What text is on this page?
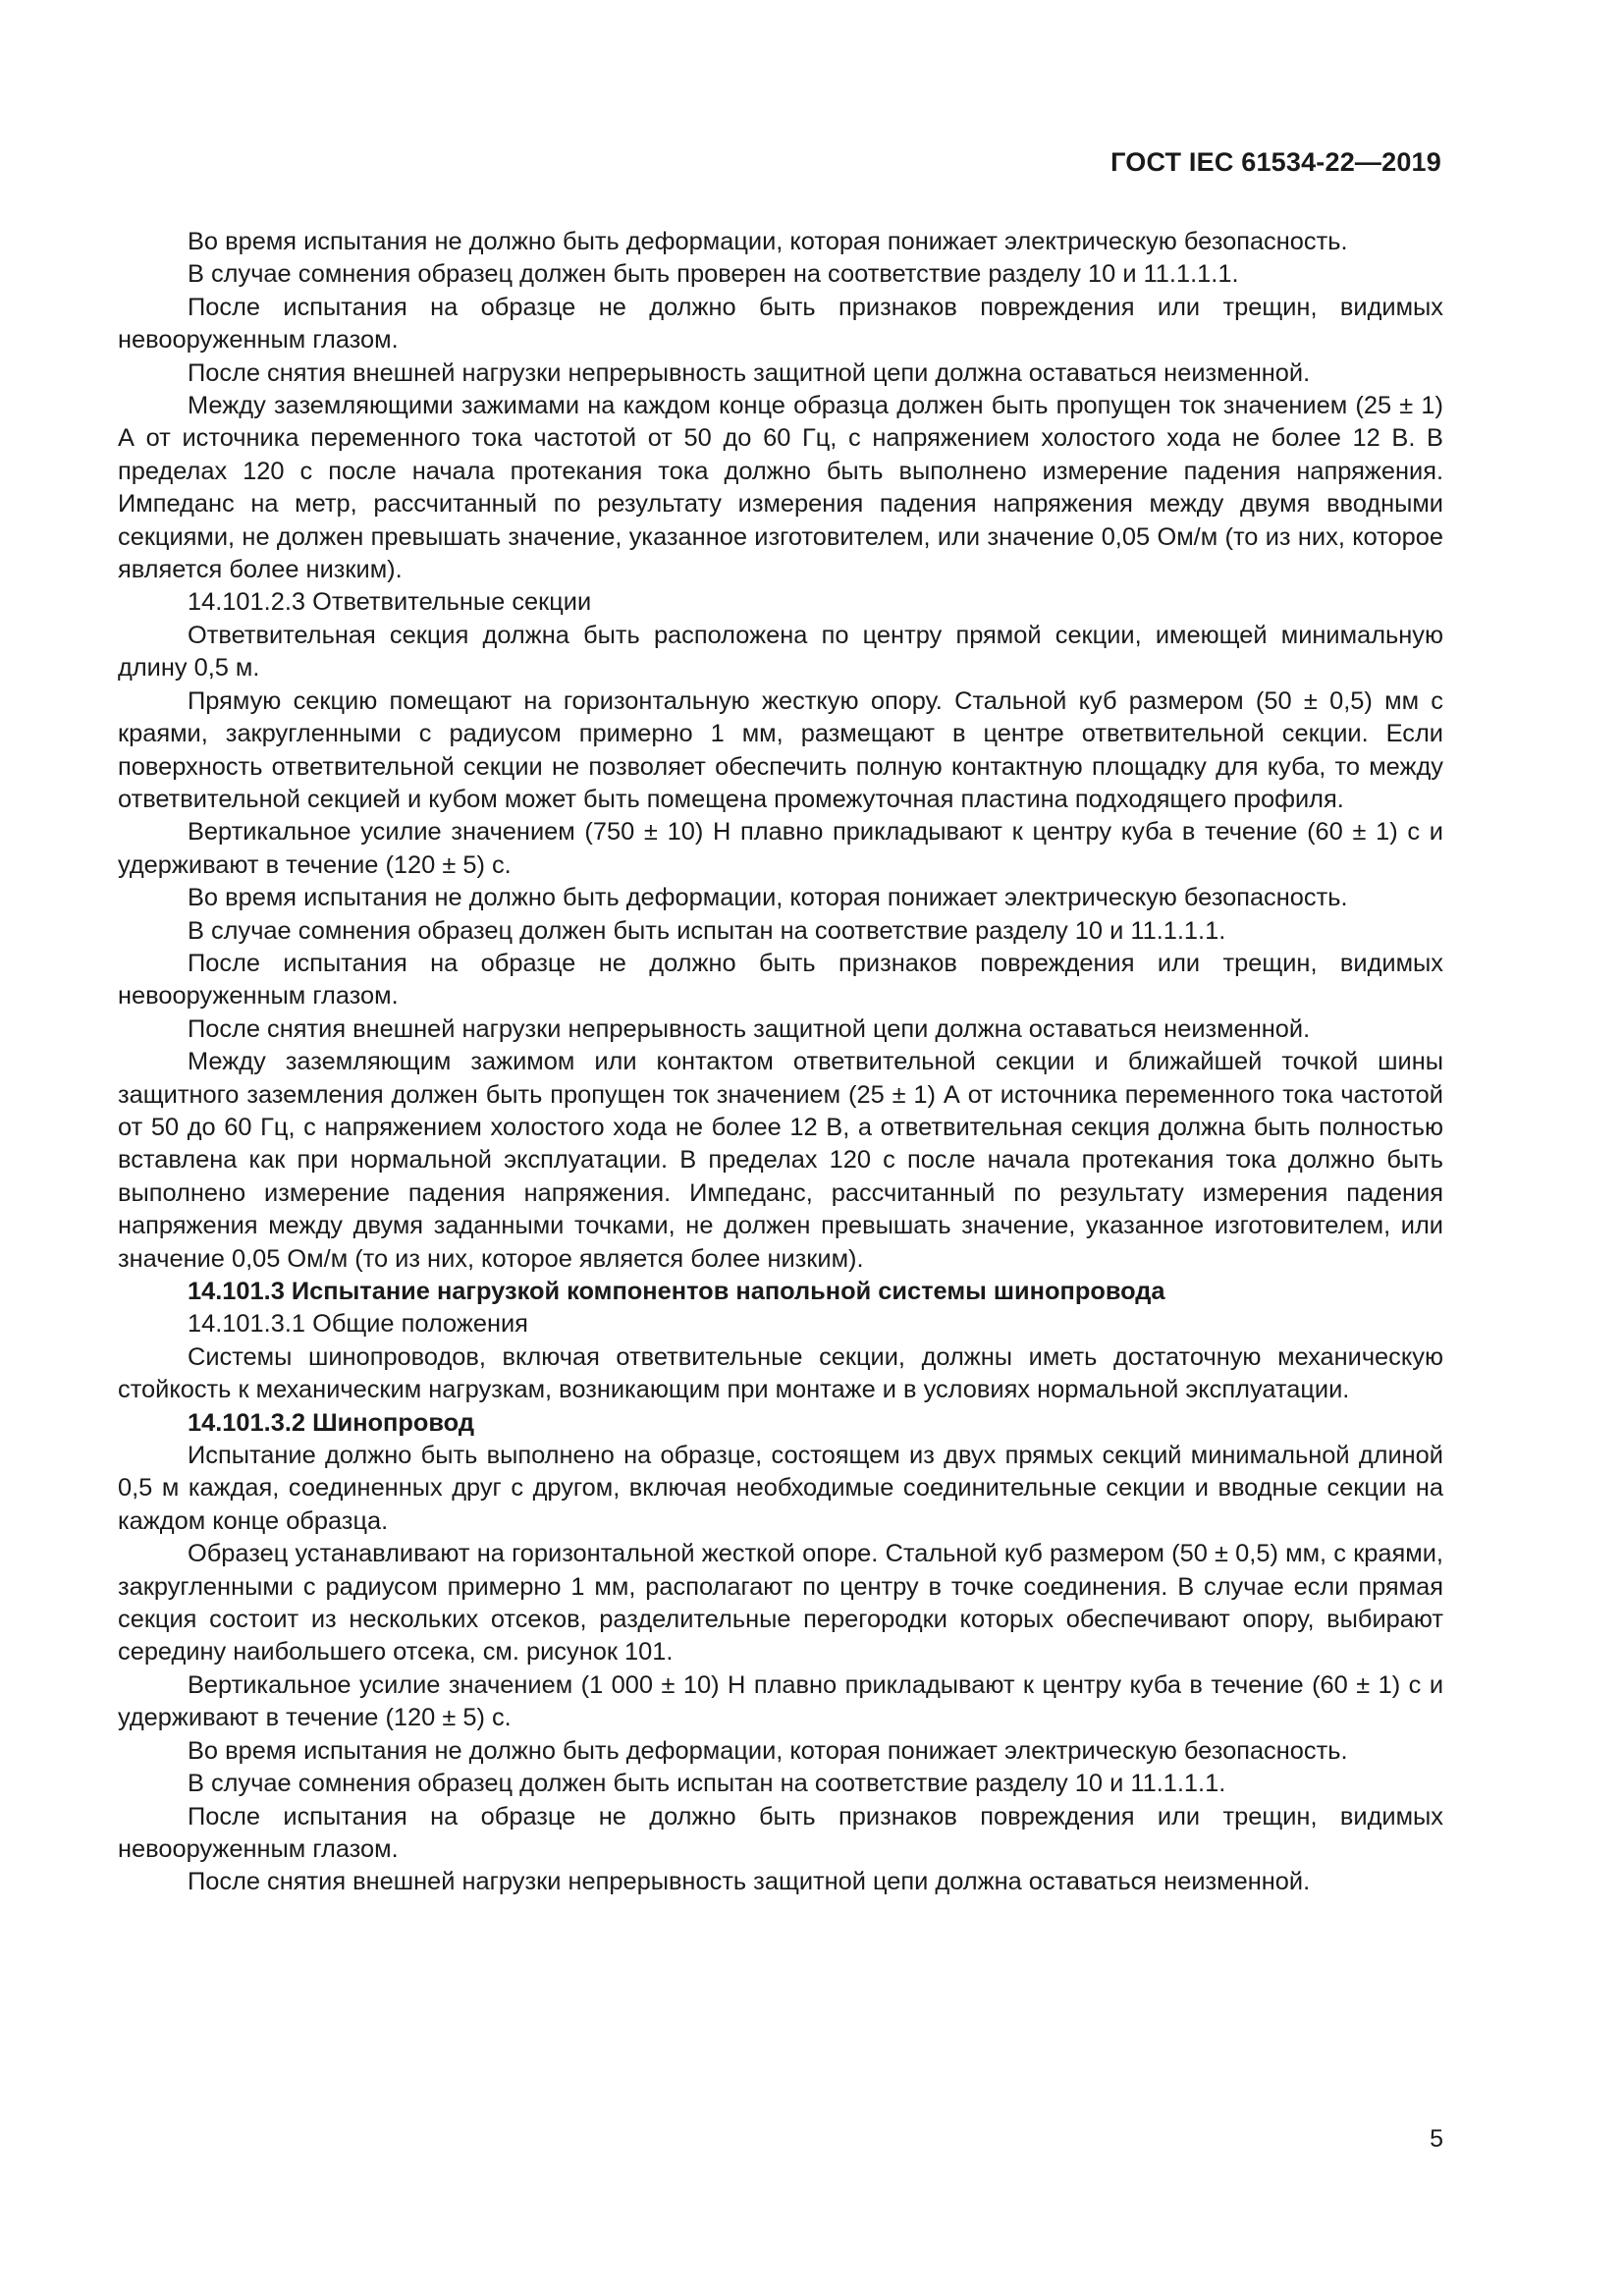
ГОСТ IEC 61534-22—2019

Во время испытания не должно быть деформации, которая понижает электрическую безопасность.

В случае сомнения образец должен быть проверен на соответствие разделу 10 и 11.1.1.1.

После испытания на образце не должно быть признаков повреждения или трещин, видимых невооруженным глазом.

После снятия внешней нагрузки непрерывность защитной цепи должна оставаться неизменной.

Между заземляющими зажимами на каждом конце образца должен быть пропущен ток значением (25 ± 1) А от источника переменного тока частотой от 50 до 60 Гц, с напряжением холостого хода не более 12 В. В пределах 120 с после начала протекания тока должно быть выполнено измерение падения напряжения. Импеданс на метр, рассчитанный по результату измерения падения напряжения между двумя вводными секциями, не должен превышать значение, указанное изготовителем, или значение 0,05 Ом/м (то из них, которое является более низким).

14.101.2.3 Ответвительные секции

Ответвительная секция должна быть расположена по центру прямой секции, имеющей минимальную длину 0,5 м.

Прямую секцию помещают на горизонтальную жесткую опору. Стальной куб размером (50 ± 0,5) мм с краями, закругленными с радиусом примерно 1 мм, размещают в центре ответвительной секции. Если поверхность ответвительной секции не позволяет обеспечить полную контактную площадку для куба, то между ответвительной секцией и кубом может быть помещена промежуточная пластина подходящего профиля.

Вертикальное усилие значением (750 ± 10) Н плавно прикладывают к центру куба в течение (60 ± 1) с и удерживают в течение (120 ± 5) с.

Во время испытания не должно быть деформации, которая понижает электрическую безопасность.

В случае сомнения образец должен быть испытан на соответствие разделу 10 и 11.1.1.1.

После испытания на образце не должно быть признаков повреждения или трещин, видимых невооруженным глазом.

После снятия внешней нагрузки непрерывность защитной цепи должна оставаться неизменной.

Между заземляющим зажимом или контактом ответвительной секции и ближайшей точкой шины защитного заземления должен быть пропущен ток значением (25 ± 1) А от источника переменного тока частотой от 50 до 60 Гц, с напряжением холостого хода не более 12 В, а ответвительная секция должна быть полностью вставлена как при нормальной эксплуатации. В пределах 120 с после начала протекания тока должно быть выполнено измерение падения напряжения. Импеданс, рассчитанный по результату измерения падения напряжения между двумя заданными точками, не должен превышать значение, указанное изготовителем, или значение 0,05 Ом/м (то из них, которое является более низким).

14.101.3 Испытание нагрузкой компонентов напольной системы шинопровода

14.101.3.1 Общие положения

Системы шинопроводов, включая ответвительные секции, должны иметь достаточную механическую стойкость к механическим нагрузкам, возникающим при монтаже и в условиях нормальной эксплуатации.

14.101.3.2 Шинопровод

Испытание должно быть выполнено на образце, состоящем из двух прямых секций минимальной длиной 0,5 м каждая, соединенных друг с другом, включая необходимые соединительные секции и вводные секции на каждом конце образца.

Образец устанавливают на горизонтальной жесткой опоре. Стальной куб размером (50 ± 0,5) мм, с краями, закругленными с радиусом примерно 1 мм, располагают по центру в точке соединения. В случае если прямая секция состоит из нескольких отсеков, разделительные перегородки которых обеспечивают опору, выбирают середину наибольшего отсека, см. рисунок 101.

Вертикальное усилие значением (1 000 ± 10) Н плавно прикладывают к центру куба в течение (60 ± 1) с и удерживают в течение (120 ± 5) с.

Во время испытания не должно быть деформации, которая понижает электрическую безопасность.

В случае сомнения образец должен быть испытан на соответствие разделу 10 и 11.1.1.1.

После испытания на образце не должно быть признаков повреждения или трещин, видимых невооруженным глазом.

После снятия внешней нагрузки непрерывность защитной цепи должна оставаться неизменной.

5
